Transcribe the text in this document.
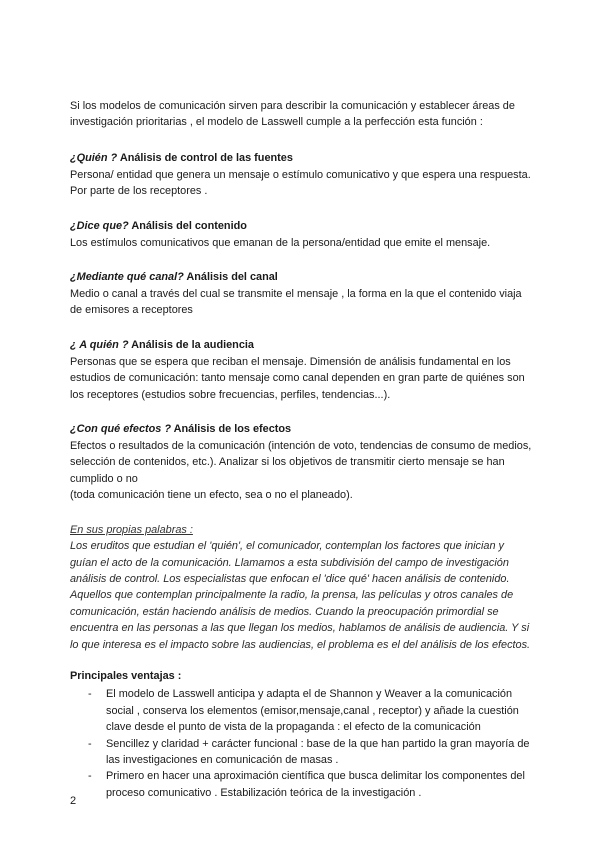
Si los modelos de comunicación sirven para describir la comunicación y establecer áreas de investigación prioritarias , el modelo de Lasswell cumple a la perfección esta función :

¿Quién ? Análisis de control de las fuentes

Persona/ entidad que genera un mensaje o estímulo comunicativo y que espera una respuesta. Por parte de los receptores .

¿Dice que? Análisis del contenido

Los estímulos comunicativos que emanan de la persona/entidad que emite el mensaje.

¿Mediante qué canal? Análisis del canal

Medio o canal a través del cual se transmite el mensaje , la forma en la que el contenido viaja de emisores a receptores

¿ A quién ? Análisis de la audiencia

Personas que se espera que reciban el mensaje. Dimensión de análisis fundamental en los estudios de comunicación: tanto mensaje como canal dependen en gran parte de quiénes son los receptores (estudios sobre frecuencias, perfiles, tendencias...).

¿Con qué efectos ? Análisis de los efectos

Efectos o resultados de la comunicación (intención de voto, tendencias de consumo de medios, selección de contenidos, etc.). Analizar si los objetivos de transmitir cierto mensaje se han cumplido o no

(toda comunicación tiene un efecto, sea o no el planeado).

En sus propias palabras :

Los eruditos que estudian el 'quién', el comunicador, contemplan los factores que inician y guían el acto de la comunicación. Llamamos a esta subdivisión del campo de investigación análisis de control. Los especialistas que enfocan el 'dice qué' hacen análisis de contenido. Aquellos que contemplan principalmente la radio, la prensa, las películas y otros canales de comunicación, están haciendo análisis de medios. Cuando la preocupación primordial se encuentra en las personas a las que llegan los medios, hablamos de análisis de audiencia. Y si lo que interesa es el impacto sobre las audiencias, el problema es el del análisis de los efectos.

Principales ventajas :

- El modelo de Lasswell anticipa y adapta el de Shannon y Weaver a la comunicación social , conserva los elementos (emisor,mensaje,canal , receptor) y añade la cuestión clave desde el punto de vista de la propaganda : el efecto de la comunicación
- Sencillez y claridad + carácter funcional : base de la que han partido la gran mayoría de las investigaciones en comunicación de masas .
- Primero en hacer una aproximación científica que busca delimitar los componentes del proceso comunicativo . Estabilización teórica de la investigación .
2
